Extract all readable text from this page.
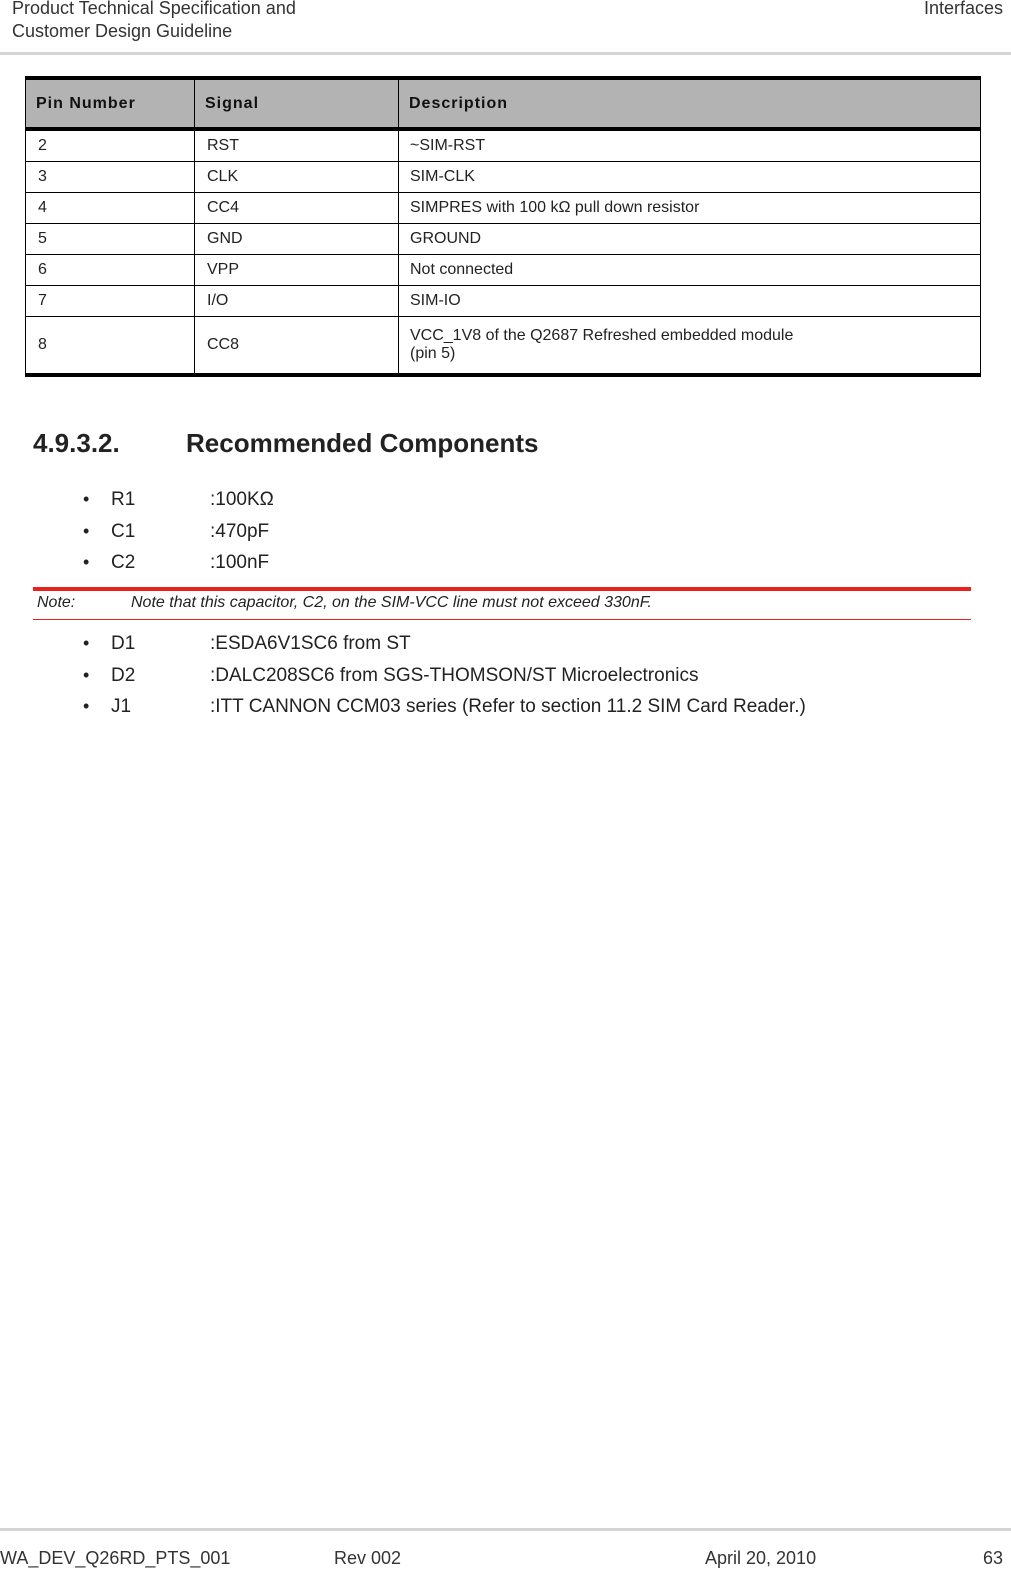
Product Technical Specification and
Customer Design Guideline
Interfaces
Pin Number	Signal	Description
2	RST	~SIM-RST
3	CLK	SIM-CLK
4	CC4	SIMPRES with 100 kΩ pull down resistor
5	GND	GROUND
6	VPP	Not connected
7	I/O	SIM-IO
8	CC8	VCC_1V8 of the Q2687 Refreshed embedded module
(pin 5)
4.9.3.2.	Recommended Components
• R1	:100KΩ
• C1	:470pF
• C2	:100nF
Note:	Note that this capacitor, C2, on the SIM-VCC line must not exceed 330nF.
• D1	:ESDA6V1SC6 from ST
• D2	:DALC208SC6 from SGS-THOMSON/ST Microelectronics
• J1	:ITT CANNON CCM03 series (Refer to section 11.2 SIM Card Reader.)
WA_DEV_Q26RD_PTS_001	Rev 002	April 20, 2010	63
